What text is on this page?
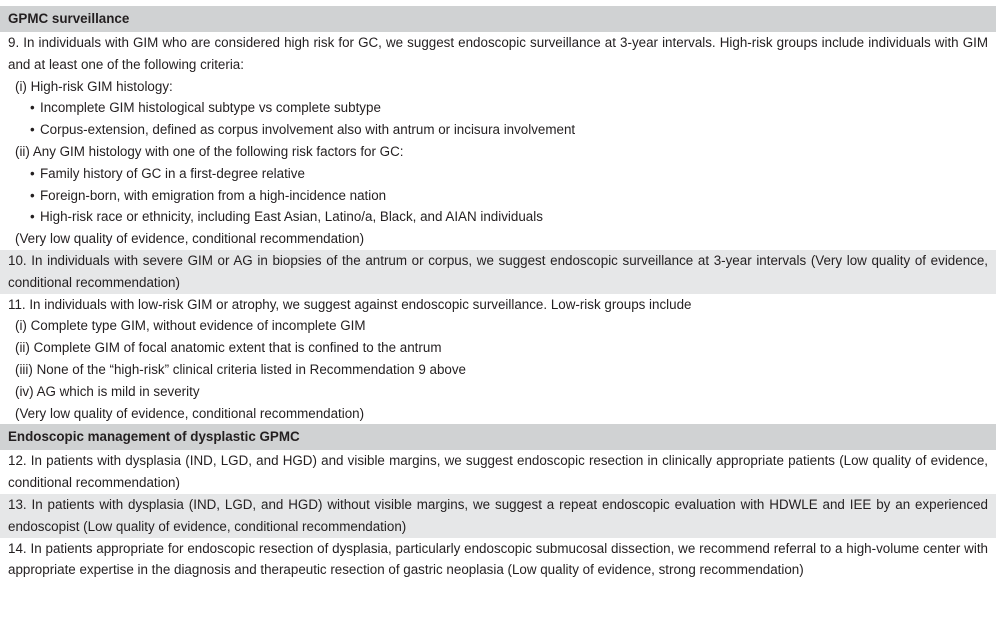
GPMC surveillance
9. In individuals with GIM who are considered high risk for GC, we suggest endoscopic surveillance at 3-year intervals. High-risk groups include individuals with GIM and at least one of the following criteria:
(i) High-risk GIM histology:
• Incomplete GIM histological subtype vs complete subtype
• Corpus-extension, defined as corpus involvement also with antrum or incisura involvement
(ii) Any GIM histology with one of the following risk factors for GC:
• Family history of GC in a first-degree relative
• Foreign-born, with emigration from a high-incidence nation
• High-risk race or ethnicity, including East Asian, Latino/a, Black, and AIAN individuals
(Very low quality of evidence, conditional recommendation)
10. In individuals with severe GIM or AG in biopsies of the antrum or corpus, we suggest endoscopic surveillance at 3-year intervals (Very low quality of evidence, conditional recommendation)
11. In individuals with low-risk GIM or atrophy, we suggest against endoscopic surveillance. Low-risk groups include
(i) Complete type GIM, without evidence of incomplete GIM
(ii) Complete GIM of focal anatomic extent that is confined to the antrum
(iii) None of the “high-risk” clinical criteria listed in Recommendation 9 above
(iv) AG which is mild in severity
(Very low quality of evidence, conditional recommendation)
Endoscopic management of dysplastic GPMC
12. In patients with dysplasia (IND, LGD, and HGD) and visible margins, we suggest endoscopic resection in clinically appropriate patients (Low quality of evidence, conditional recommendation)
13. In patients with dysplasia (IND, LGD, and HGD) without visible margins, we suggest a repeat endoscopic evaluation with HDWLE and IEE by an experienced endoscopist (Low quality of evidence, conditional recommendation)
14. In patients appropriate for endoscopic resection of dysplasia, particularly endoscopic submucosal dissection, we recommend referral to a high-volume center with appropriate expertise in the diagnosis and therapeutic resection of gastric neoplasia (Low quality of evidence, strong recommendation)
